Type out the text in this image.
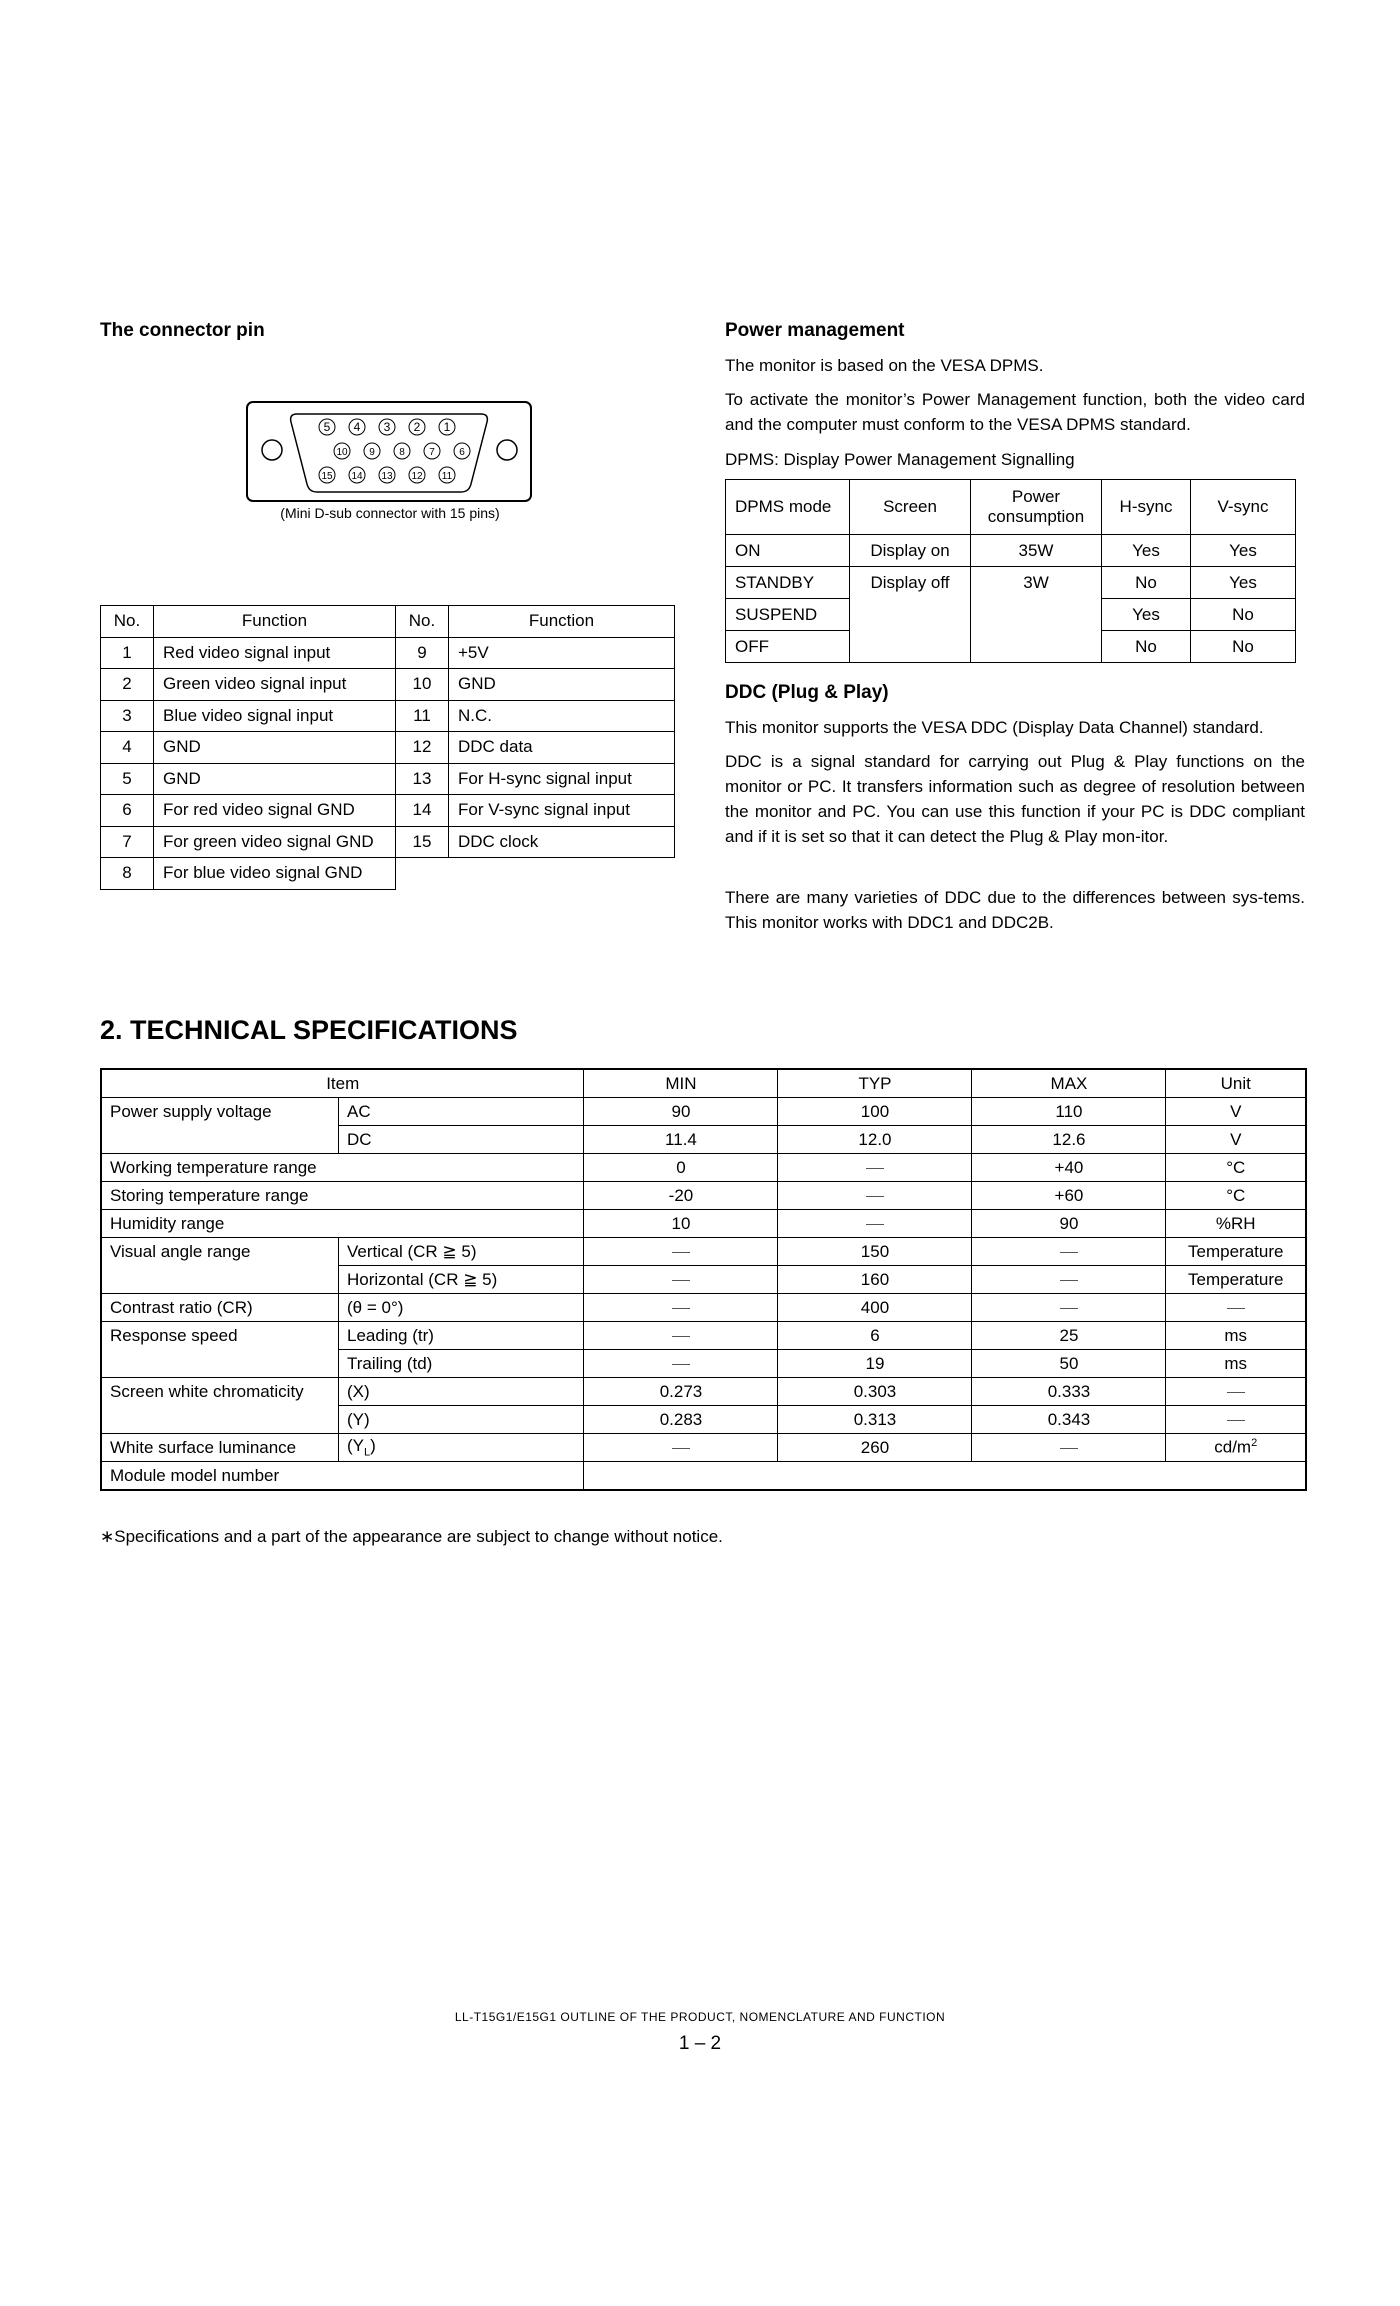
The connector pin
5 4 3 2 1
10 9 8 7 6
15 14 13 12 11
(Mini D-sub connector with 15 pins)
No.	Function	No.	Function
1	Red video signal input	9	+5V
2	Green video signal input	10	GND
3	Blue video signal input	11	N.C.
4	GND	12	DDC data
5	GND	13	For H-sync signal input
6	For red video signal GND	14	For V-sync signal input
7	For green video signal GND	15	DDC clock
8	For blue video signal GND		
Power management

The monitor is based on the VESA DPMS.

To activate the monitor’s Power Management function, both the video card and the computer must conform to the VESA DPMS standard.

DPMS: Display Power Management Signalling

DPMS mode	Screen	Power consumption	H-sync	V-sync
ON	Display on	35W	Yes	Yes
STANDBY	Display off	3W	No	Yes
SUSPEND			Yes	No
OFF			No	No
DDC (Plug & Play)

This monitor supports the VESA DDC (Display Data Channel) standard.

DDC is a signal standard for carrying out Plug & Play functions on the monitor or PC. It transfers information such as degree of resolution between the monitor and PC. You can use this function if your PC is DDC compliant and if it is set so that it can detect the Plug & Play mon-itor.

There are many varieties of DDC due to the differences between sys-tems. This monitor works with DDC1 and DDC2B.

2. TECHNICAL SPECIFICATIONS
Item		MIN	TYP	MAX	Unit
Power supply voltage	AC	90	100	110	V
	DC	11.4	12.0	12.6	V
Working temperature range		0		+40	°C
Storing temperature range		-20		+60	°C
Humidity range		10		90	%RH
Visual angle range	Vertical (CR ≧ 5)		150		Temperature
	Horizontal (CR ≧ 5)		160		Temperature
Contrast ratio (CR)	(θ = 0°)		400		
Response speed	Leading (tr)		6	25	ms
	Trailing (td)		19	50	ms
Screen white chromaticity	(X)	0.273	0.303	0.333	
	(Y)	0.283	0.313	0.343	
White surface luminance	$(Y_L)$		260		$cd/m^2$
Module model number					
∗Specifications and a part of the appearance are subject to change without notice.
LL-T15G1/E15G1 OUTLINE OF THE PRODUCT, NOMENCLATURE AND FUNCTION
1 – 2
